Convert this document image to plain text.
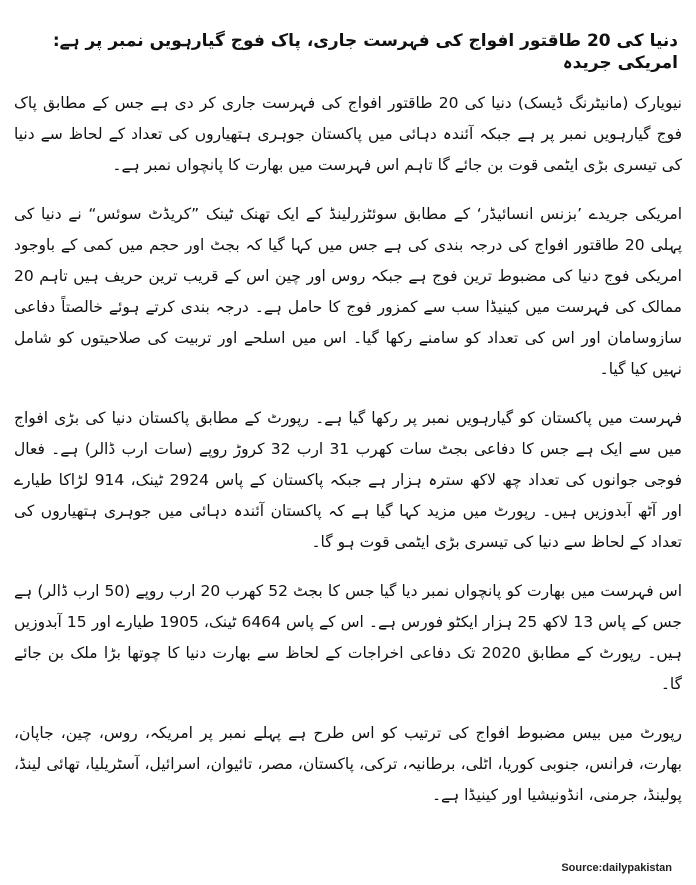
دنیا کی 20 طاقتور افواج کی فہرست جاری، پاک فوج گیارہویں نمبر پر ہے: امریکی جریدہ

نیویارک (مانیٹرنگ ڈیسک) دنیا کی 20 طاقتور افواج کی فہرست جاری کر دی ہے جس کے مطابق پاک فوج گیارہویں نمبر پر ہے جبکہ آئندہ دہائی میں پاکستان جوہری ہتھیاروں کی تعداد کے لحاظ سے دنیا کی تیسری بڑی ایٹمی قوت بن جائے گا تاہم اس فہرست میں بھارت کا پانچواں نمبر ہے۔

امریکی جریدے ’بزنس انسائیڈر‘ کے مطابق سوئٹزرلینڈ کے ایک تھنک ٹینک ”کریڈٹ سوئس“ نے دنیا کی پہلی 20 طاقتور افواج کی درجہ بندی کی ہے جس میں کہا گیا کہ بجٹ اور حجم میں کمی کے باوجود امریکی فوج دنیا کی مضبوط ترین فوج ہے جبکہ روس اور چین اس کے قریب ترین حریف ہیں تاہم 20 ممالک کی فہرست میں کینیڈا سب سے کمزور فوج کا حامل ہے۔ درجہ بندی کرتے ہوئے خالصتاً دفاعی سازوسامان اور اس کی تعداد کو سامنے رکھا گیا۔ اس میں اسلحے اور تربیت کی صلاحیتوں کو شامل نہیں کیا گیا۔

فہرست میں پاکستان کو گیارہویں نمبر پر رکھا گیا ہے۔ رپورٹ کے مطابق پاکستان دنیا کی بڑی افواج میں سے ایک ہے جس کا دفاعی بجٹ سات کھرب 31 ارب 32 کروڑ روپے (سات ارب ڈالر) ہے۔ فعال فوجی جوانوں کی تعداد چھ لاکھ سترہ ہزار ہے جبکہ پاکستان کے پاس 2924 ٹینک، 914 لڑاکا طیارے اور آٹھ آبدوزیں ہیں۔ رپورٹ میں مزید کہا گیا ہے کہ پاکستان آئندہ دہائی میں جوہری ہتھیاروں کی تعداد کے لحاظ سے دنیا کی تیسری بڑی ایٹمی قوت ہو گا۔

اس فہرست میں بھارت کو پانچواں نمبر دیا گیا جس کا بجٹ 52 کھرب 20 ارب روپے (50 ارب ڈالر) ہے جس کے پاس 13 لاکھ 25 ہزار ایکٹو فورس ہے۔ اس کے پاس 6464 ٹینک، 1905 طیارے اور 15 آبدوزیں ہیں۔ رپورٹ کے مطابق 2020 تک دفاعی اخراجات کے لحاظ سے بھارت دنیا کا چوتھا بڑا ملک بن جائے گا۔

رپورٹ میں بیس مضبوط افواج کی ترتیب کو اس طرح ہے پہلے نمبر پر امریکہ، روس، چین، جاپان، بھارت، فرانس، جنوبی کوریا، اٹلی، برطانیہ، ترکی، پاکستان، مصر، تائیوان، اسرائیل، آسٹریلیا، تھائی لینڈ، پولینڈ، جرمنی، انڈونیشیا اور کینیڈا ہے۔

Source:dailypakistan
